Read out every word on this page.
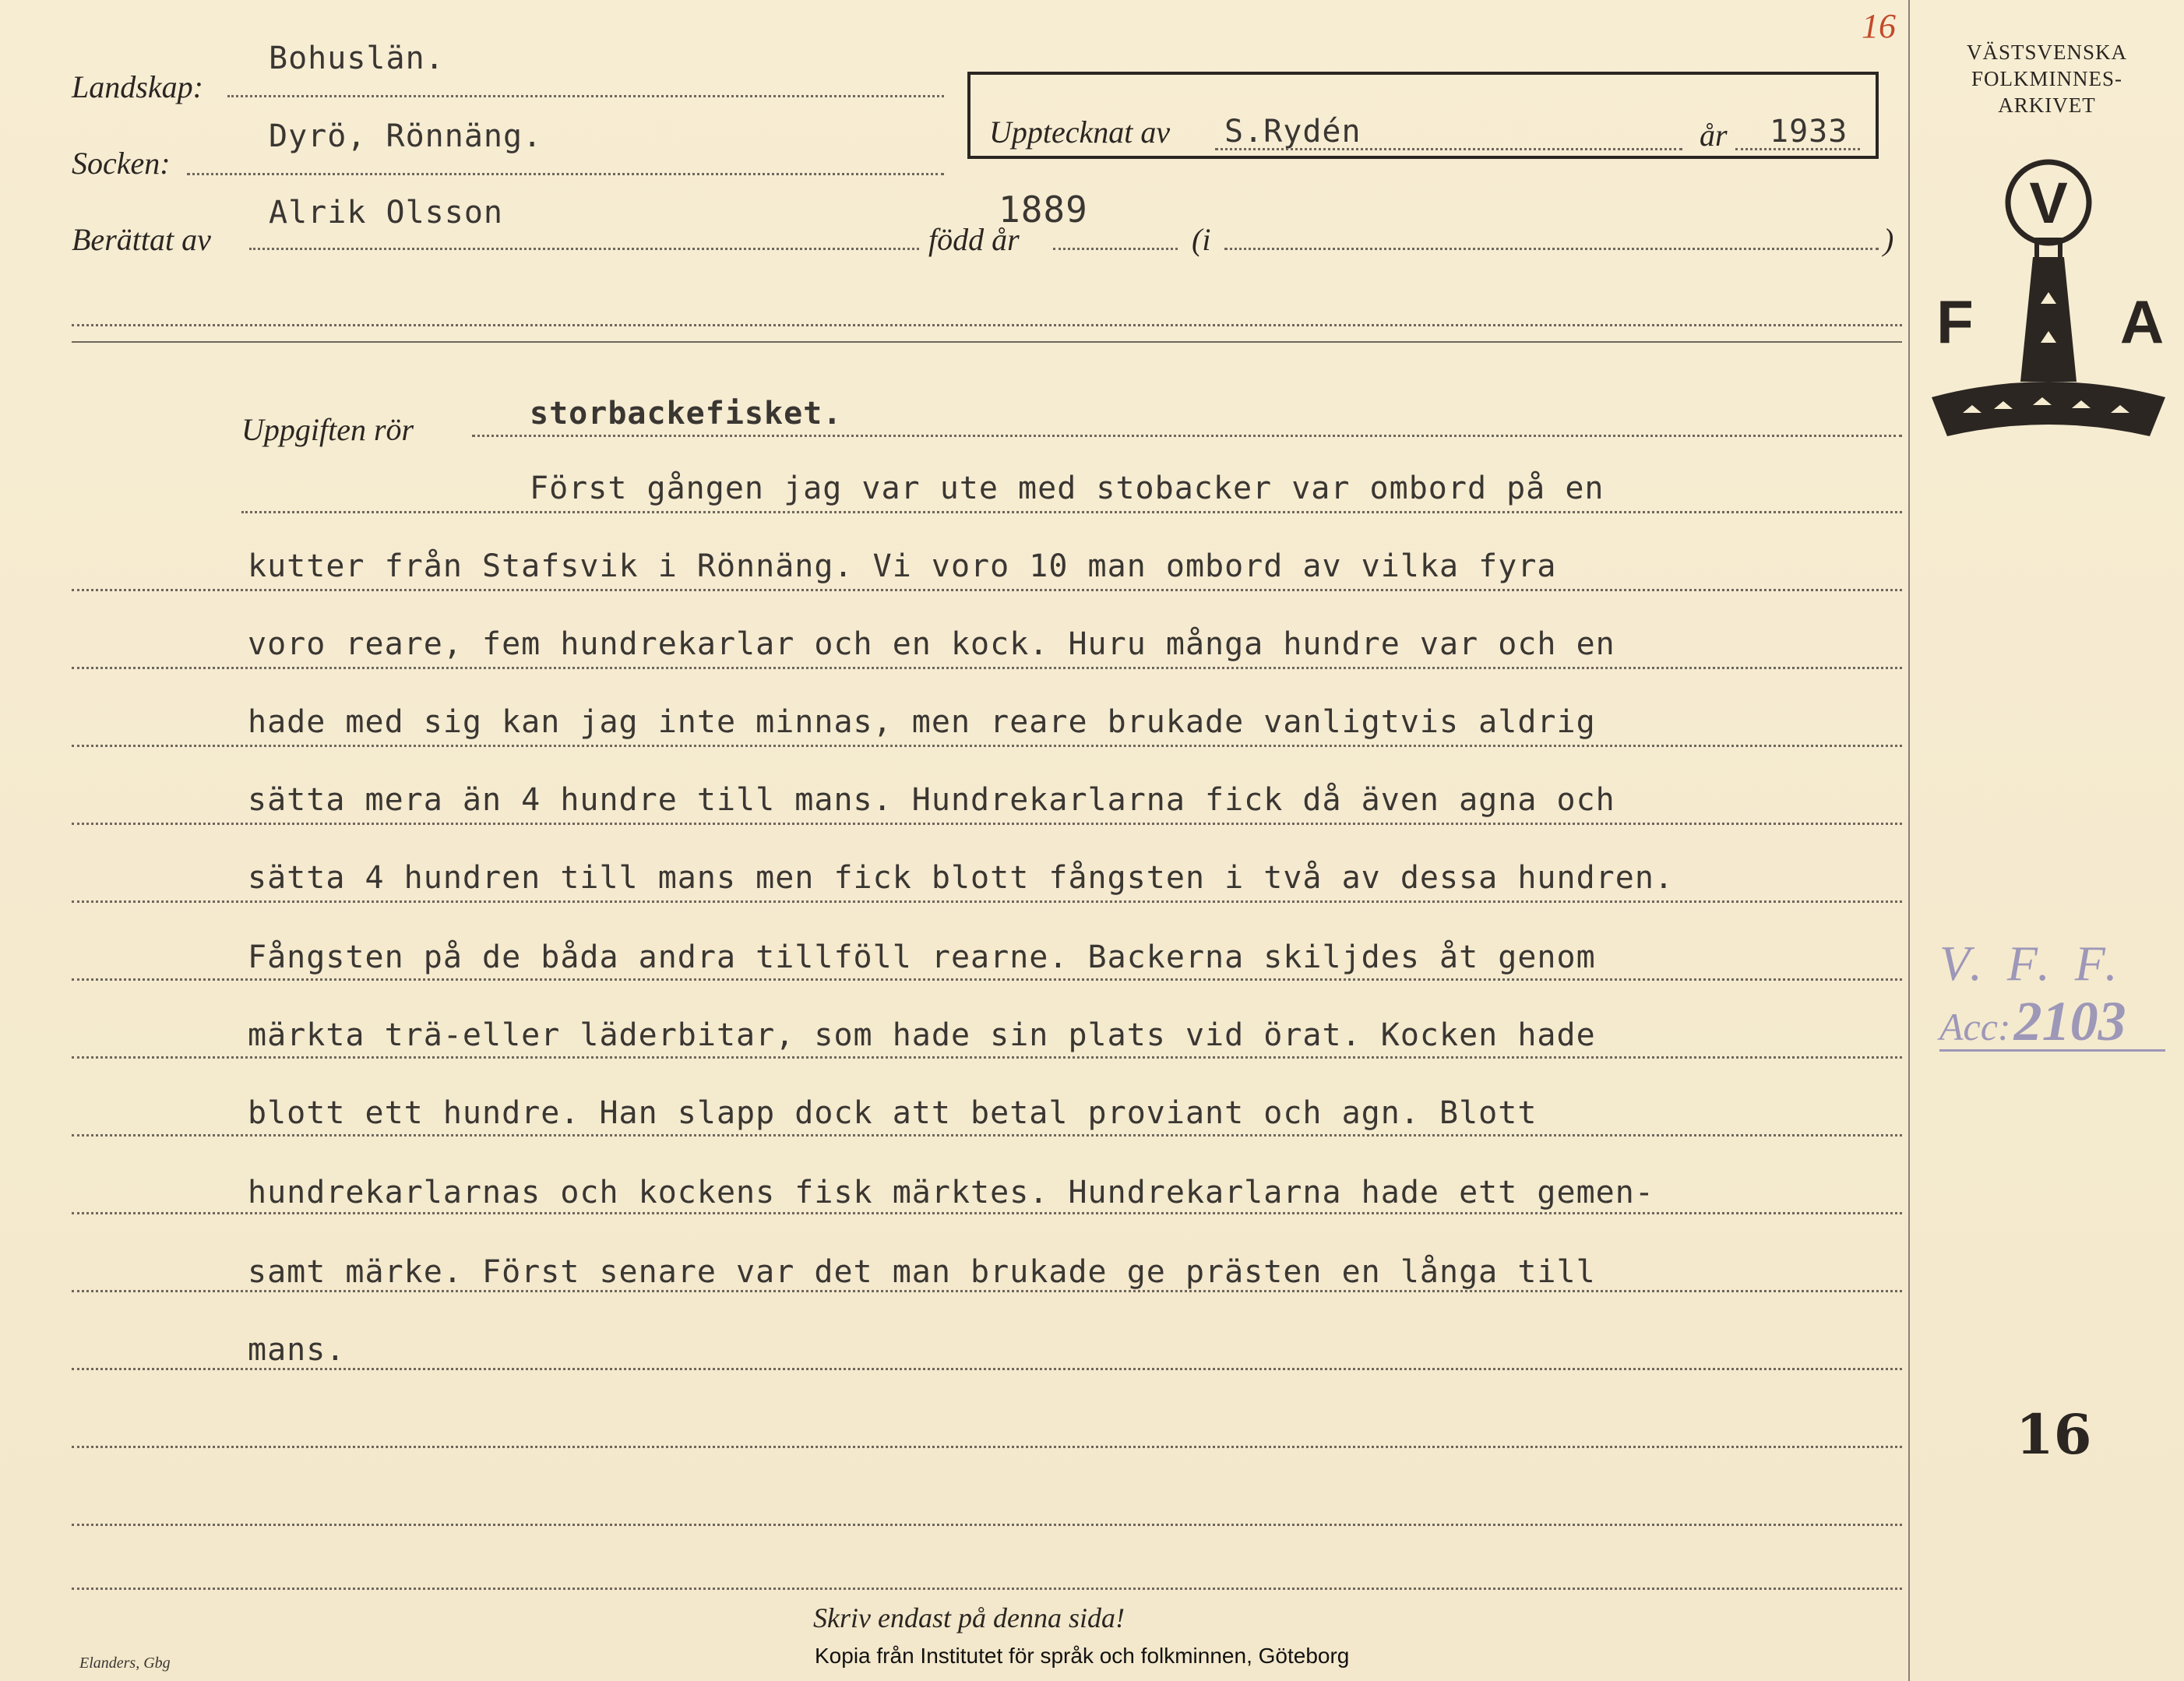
16
Landskap:
Bohuslän.
Socken:
Dyrö, Rönnäng.	Upptecknat av S.Rydén	år 1933
Berättat av
Alrik Olsson
född år
1889
(i	)
Uppgiften rör	storbackefisket.
Först gången jag var ute med stobacker var ombord på en
kutter från Stafsvik i Rönnäng. Vi voro 10 man ombord av vilka fyra
voro reare, fem hundrekarlar och en kock. Huru många hundre var och en
hade med sig kan jag inte minnas, men reare brukade vanligtvis aldrig
sätta mera än 4 hundre till mans. Hundrekarlarna fick då även agna och
sätta 4 hundren till mans men fick blott fångsten i två av dessa hundren.
Fångsten på de båda andra tillföll rearne. Backerna skiljdes åt genom
märkta trä-eller läderbitar, som hade sin plats vid örat. Kocken hade
blott ett hundre. Han slapp dock att betal proviant och agn. Blott
hundrekarlarnas och kockens fisk märktes. Hundrekarlarna hade ett gemen-
samt märke. Först senare var det man brukade ge prästen en långa till
mans.
VÄSTSVENSKA
FOLKMINNES-
ARKIVET
V
F A
V. F. F.
Acc: 2103
16
Skriv endast på denna sida!
Elanders, Gbg	Kopia från Institutet för språk och folkminnen, Göteborg
